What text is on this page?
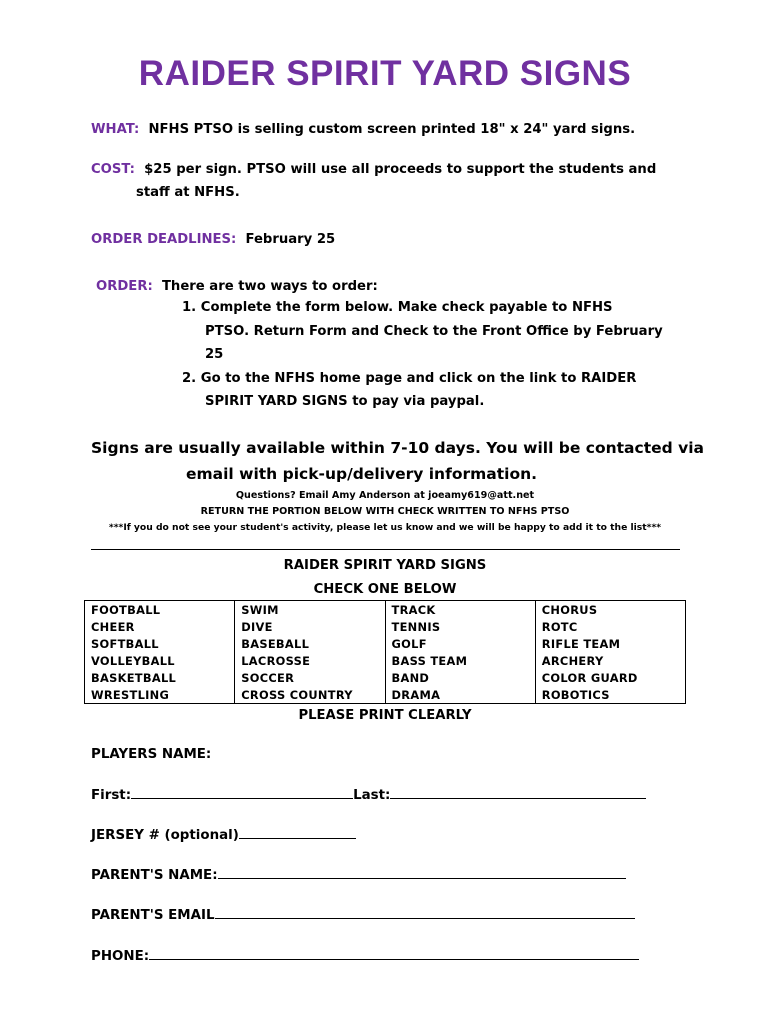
RAIDER SPIRIT YARD SIGNS
WHAT: NFHS PTSO is selling custom screen printed 18" x 24" yard signs.
COST: $25 per sign. PTSO will use all proceeds to support the students and
staff at NFHS.
ORDER DEADLINES: February 25
ORDER: There are two ways to order:
1. Complete the form below. Make check payable to NFHS
PTSO. Return Form and Check to the Front Office by February
25
2. Go to the NFHS home page and click on the link to RAIDER
SPIRIT YARD SIGNS to pay via paypal.
Signs are usually available within 7-10 days. You will be contacted via
email with pick-up/delivery information.
Questions? Email Amy Anderson at joeamy619@att.net
RETURN THE PORTION BELOW WITH CHECK WRITTEN TO NFHS PTSO
***If you do not see your student's activity, please let us know and we will be happy to add it to the list***
RAIDER SPIRIT YARD SIGNS
CHECK ONE BELOW
FOOTBALL	SWIM	TRACK	CHORUS
CHEER	DIVE	TENNIS	ROTC
SOFTBALL	BASEBALL	GOLF	RIFLE TEAM
VOLLEYBALL	LACROSSE	BASS TEAM	ARCHERY
BASKETBALL	SOCCER	BAND	COLOR GUARD
WRESTLING	CROSS COUNTRY	DRAMA	ROBOTICS
PLEASE PRINT CLEARLY
PLAYERS NAME:
First:	Last:
JERSEY # (optional)
PARENT'S NAME:
PARENT'S EMAIL
PHONE:
